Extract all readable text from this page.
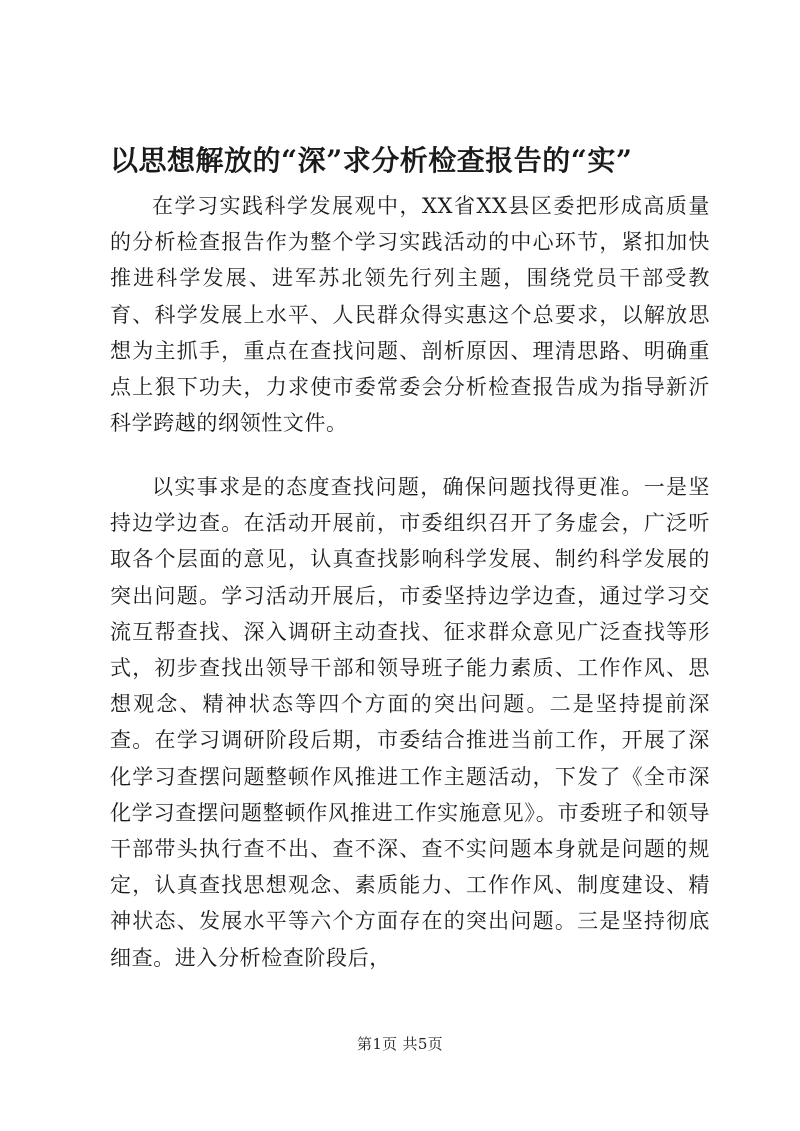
以思想解放的“深”求分析检查报告的“实”

在学习实践科学发展观中，XX省XX县区委把形成高质量的分析检查报告作为整个学习实践活动的中心环节，紧扣加快推进科学发展、进军苏北领先行列主题，围绕党员干部受教育、科学发展上水平、人民群众得实惠这个总要求，以解放思想为主抓手，重点在查找问题、剖析原因、理清思路、明确重点上狠下功夫，力求使市委常委会分析检查报告成为指导新沂科学跨越的纲领性文件。

以实事求是的态度查找问题，确保问题找得更准。一是坚持边学边查。在活动开展前，市委组织召开了务虚会，广泛听取各个层面的意见，认真查找影响科学发展、制约科学发展的突出问题。学习活动开展后，市委坚持边学边查，通过学习交流互帮查找、深入调研主动查找、征求群众意见广泛查找等形式，初步查找出领导干部和领导班子能力素质、工作作风、思想观念、精神状态等四个方面的突出问题。二是坚持提前深查。在学习调研阶段后期，市委结合推进当前工作，开展了深化学习查摆问题整顿作风推进工作主题活动，下发了《全市深化学习查摆问题整顿作风推进工作实施意见》。市委班子和领导干部带头执行查不出、查不深、查不实问题本身就是问题的规定，认真查找思想观念、素质能力、工作作风、制度建设、精神状态、发展水平等六个方面存在的突出问题。三是坚持彻底细查。进入分析检查阶段后，

第1页 共5页
